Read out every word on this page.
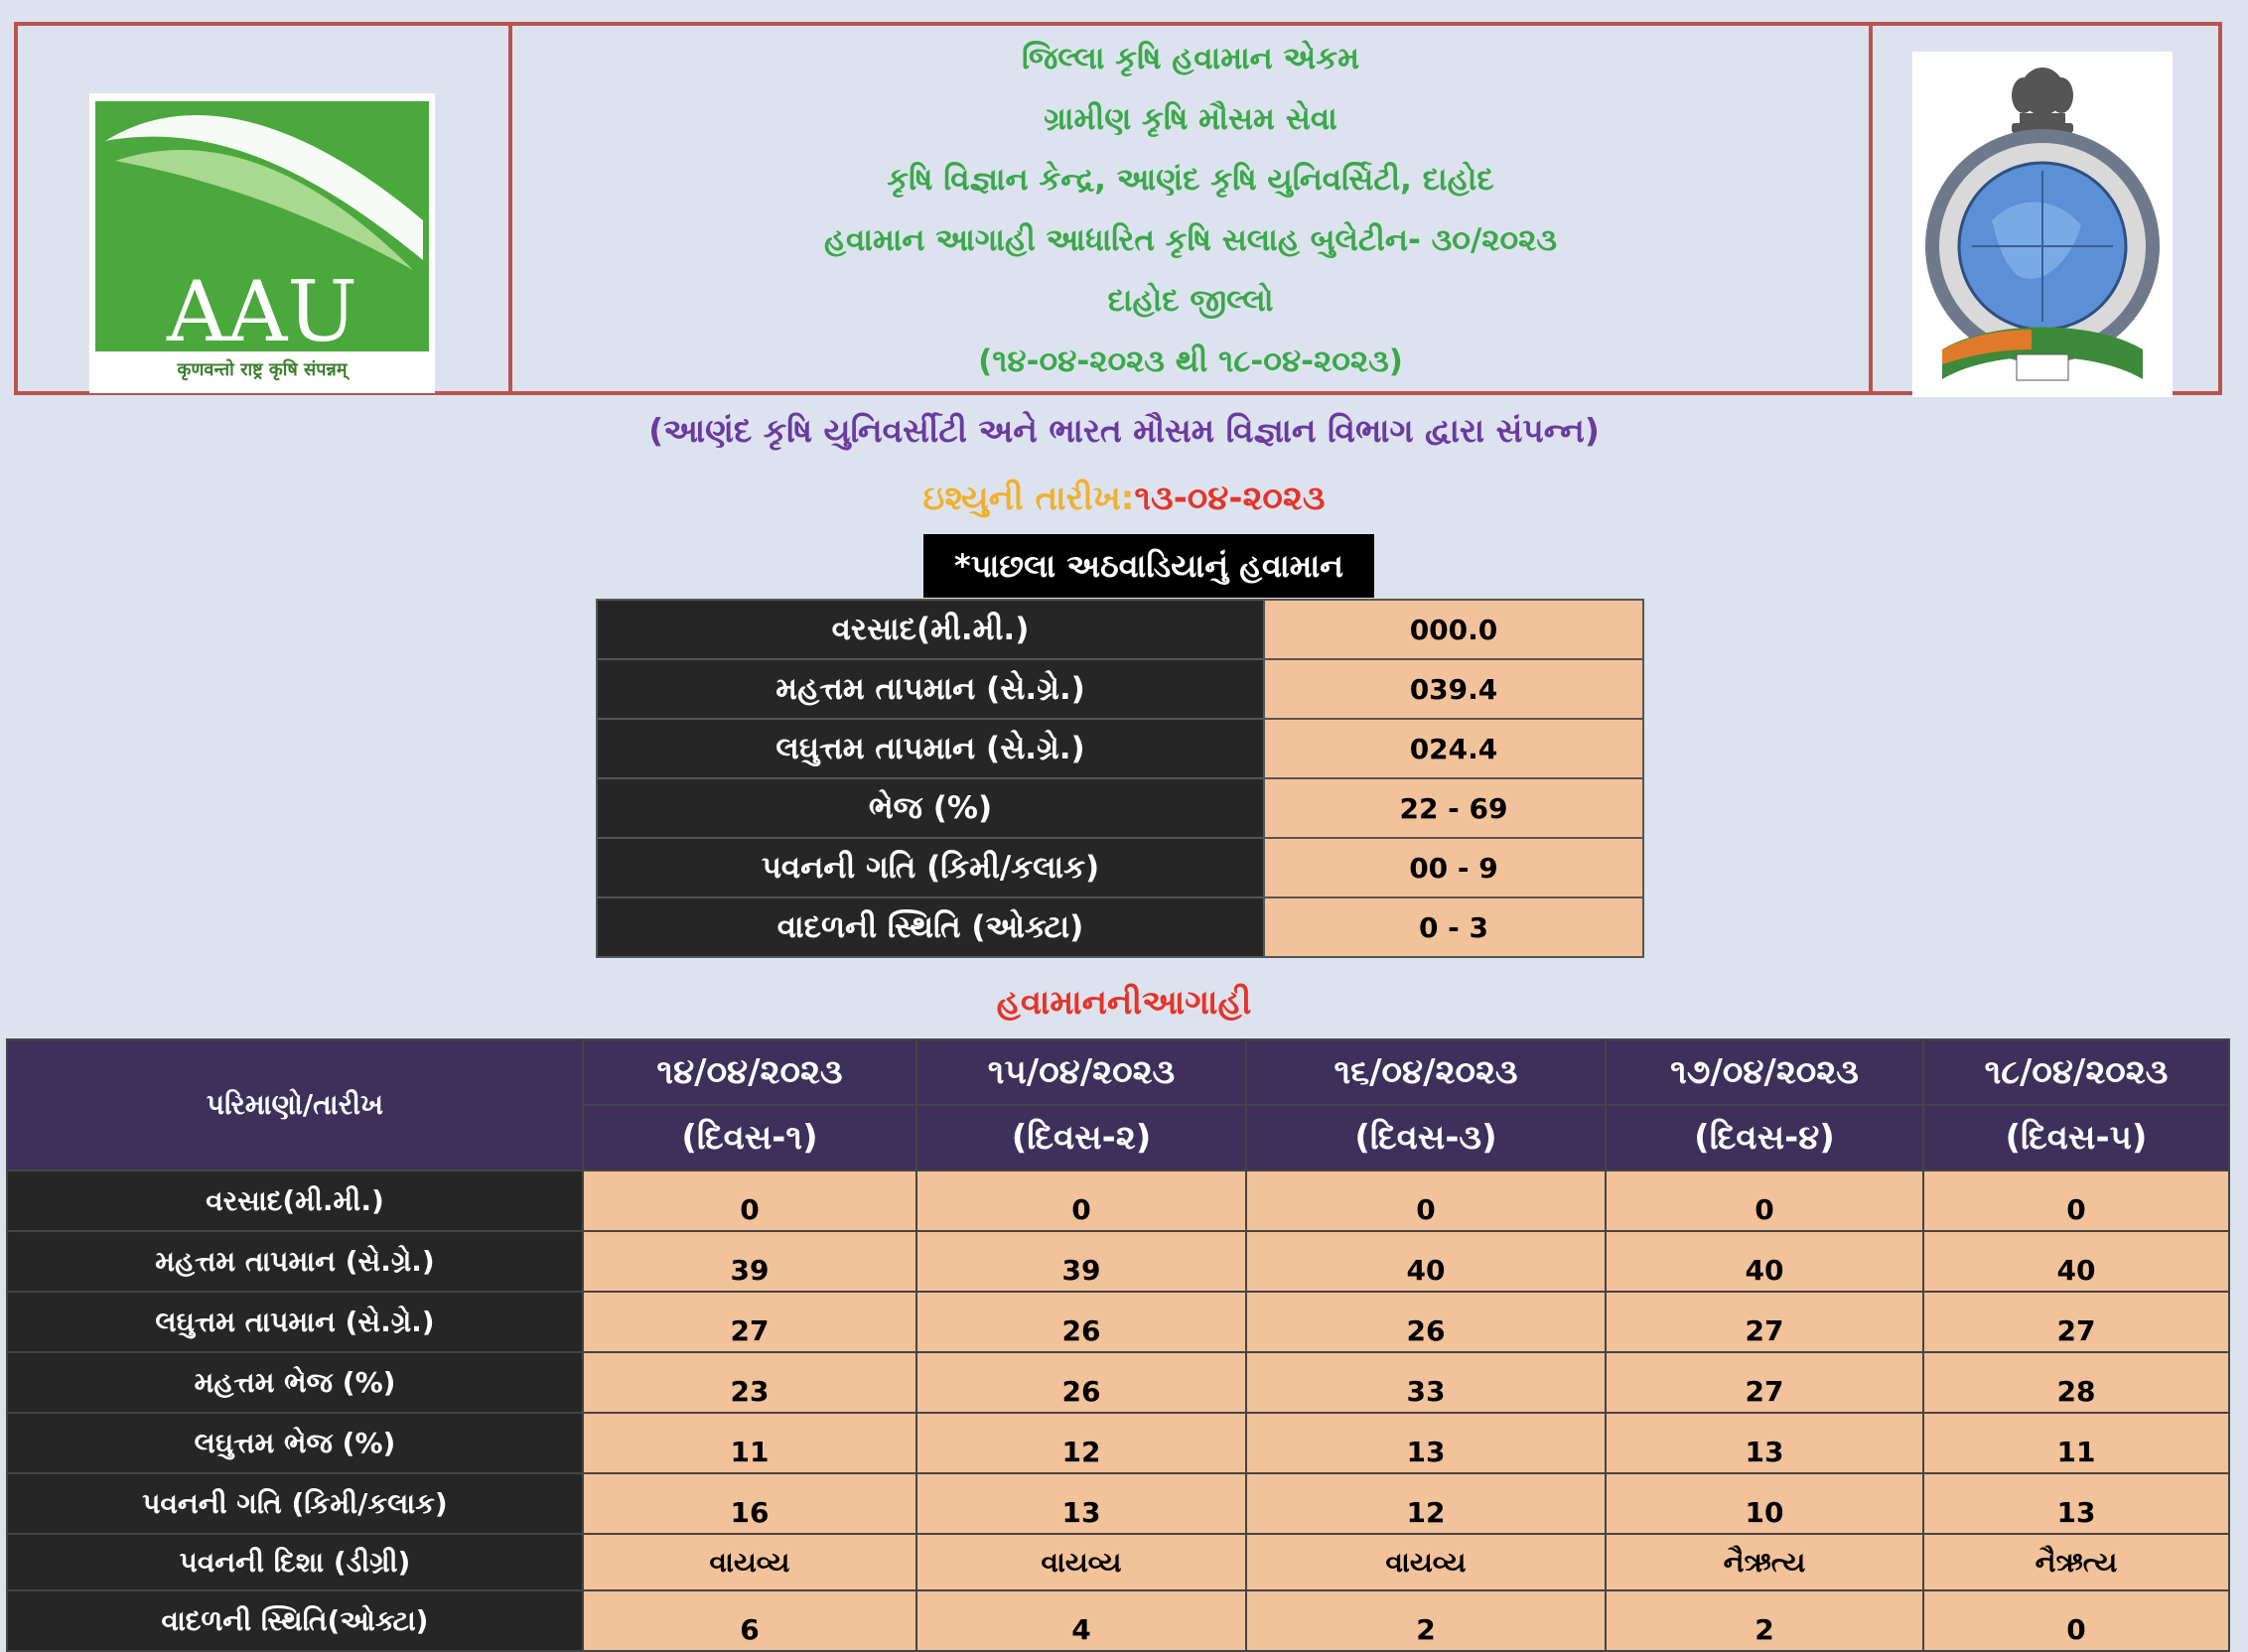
AAU
कृणवन्तो राष्ट्र कृषि संपन्नम्
જિલ્લા કૃષિ હવામાન એકમ
ગ્રામીણ કૃષિ મૌસમ સેવા
કૃષિ વિજ્ઞાન કેન્દ્ર, આણંદ કૃષિ યુનિવર્સિટી, દાહોદ
હવામાન આગાહી આધારિત કૃષિ સલાહ બુલેટીન- ૩૦/૨૦૨૩
દાહોદ જીલ્લો
(૧૪-૦૪-૨૦૨૩ થી ૧૮-૦૪-૨૦૨૩)
(આણંદ કૃષિ યુનિવર્સીટી અને ભારત મૌસમ વિજ્ઞાન વિભાગ દ્વારા સંપન્ન)
ઇશ્યુની તારીખ:૧૩-૦૪-૨૦૨૩
*પાછલા અઠવાડિયાનું હવામાન
વરસાદ(મી.મી.)	000.0
મહત્તમ તાપમાન (સે.ગ્રે.)	039.4
લઘુત્તમ તાપમાન (સે.ગ્રે.)	024.4
ભેજ (%)	22 - 69
પવનની ગતિ (કિમી/કલાક)	00 - 9
વાદળની સ્થિતિ (ઓક્ટા)	0 - 3
હવામાનનીઆગાહી
પરિમાણો/તારીખ	૧૪/૦૪/૨૦૨૩	૧૫/૦૪/૨૦૨૩	૧૬/૦૪/૨૦૨૩	૧૭/૦૪/૨૦૨૩	૧૮/૦૪/૨૦૨૩
	(દિવસ-૧)	(દિવસ-૨)	(દિવસ-૩)	(દિવસ-૪)	(દિવસ-૫)
વરસાદ(મી.મી.)	0	0	0	0	0
મહત્તમ તાપમાન (સે.ગ્રે.)	39	39	40	40	40
લઘુત્તમ તાપમાન (સે.ગ્રે.)	27	26	26	27	27
મહત્તમ ભેજ (%)	23	26	33	27	28
લઘુત્તમ ભેજ (%)	11	12	13	13	11
પવનની ગતિ (કિમી/કલાક)	16	13	12	10	13
પવનની દિશા (ડીગ્રી)	વાયવ્ય	વાયવ્ય	વાયવ્ય	નૈઋત્ય	નૈઋત્ય
વાદળની સ્થિતિ(ઓક્ટા)	6	4	2	2	0
